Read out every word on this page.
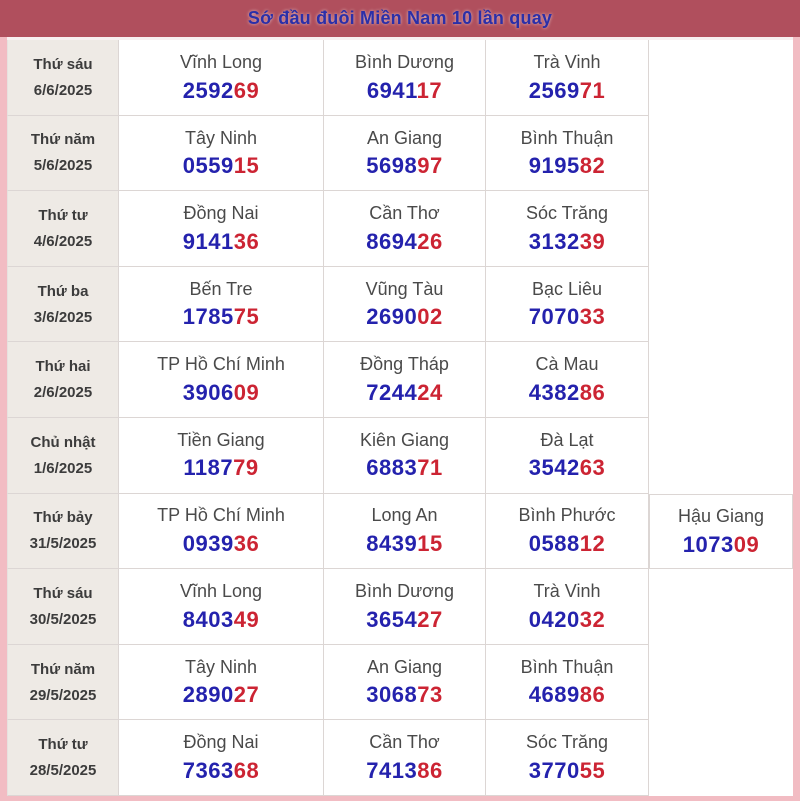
Sớ đầu đuôi Miền Nam 10 lần quay
Thứ sáu
6/6/2025
Vĩnh Long
259269
Bình Dương
694117
Trà Vinh
256971
Thứ năm
5/6/2025
Tây Ninh
055915
An Giang
569897
Bình Thuận
919582
Thứ tư
4/6/2025
Đồng Nai
914136
Cần Thơ
869426
Sóc Trăng
313239
Thứ ba
3/6/2025
Bến Tre
178575
Vũng Tàu
269002
Bạc Liêu
707033
Thứ hai
2/6/2025
TP Hồ Chí Minh
390609
Đồng Tháp
724424
Cà Mau
438286
Chủ nhật
1/6/2025
Tiền Giang
118779
Kiên Giang
688371
Đà Lạt
354263
Thứ bảy
31/5/2025
TP Hồ Chí Minh
093936
Long An
843915
Bình Phước
058812
Hậu Giang
107309
Thứ sáu
30/5/2025
Vĩnh Long
840349
Bình Dương
365427
Trà Vinh
042032
Thứ năm
29/5/2025
Tây Ninh
289027
An Giang
306873
Bình Thuận
468986
Thứ tư
28/5/2025
Đồng Nai
736368
Cần Thơ
741386
Sóc Trăng
377055
